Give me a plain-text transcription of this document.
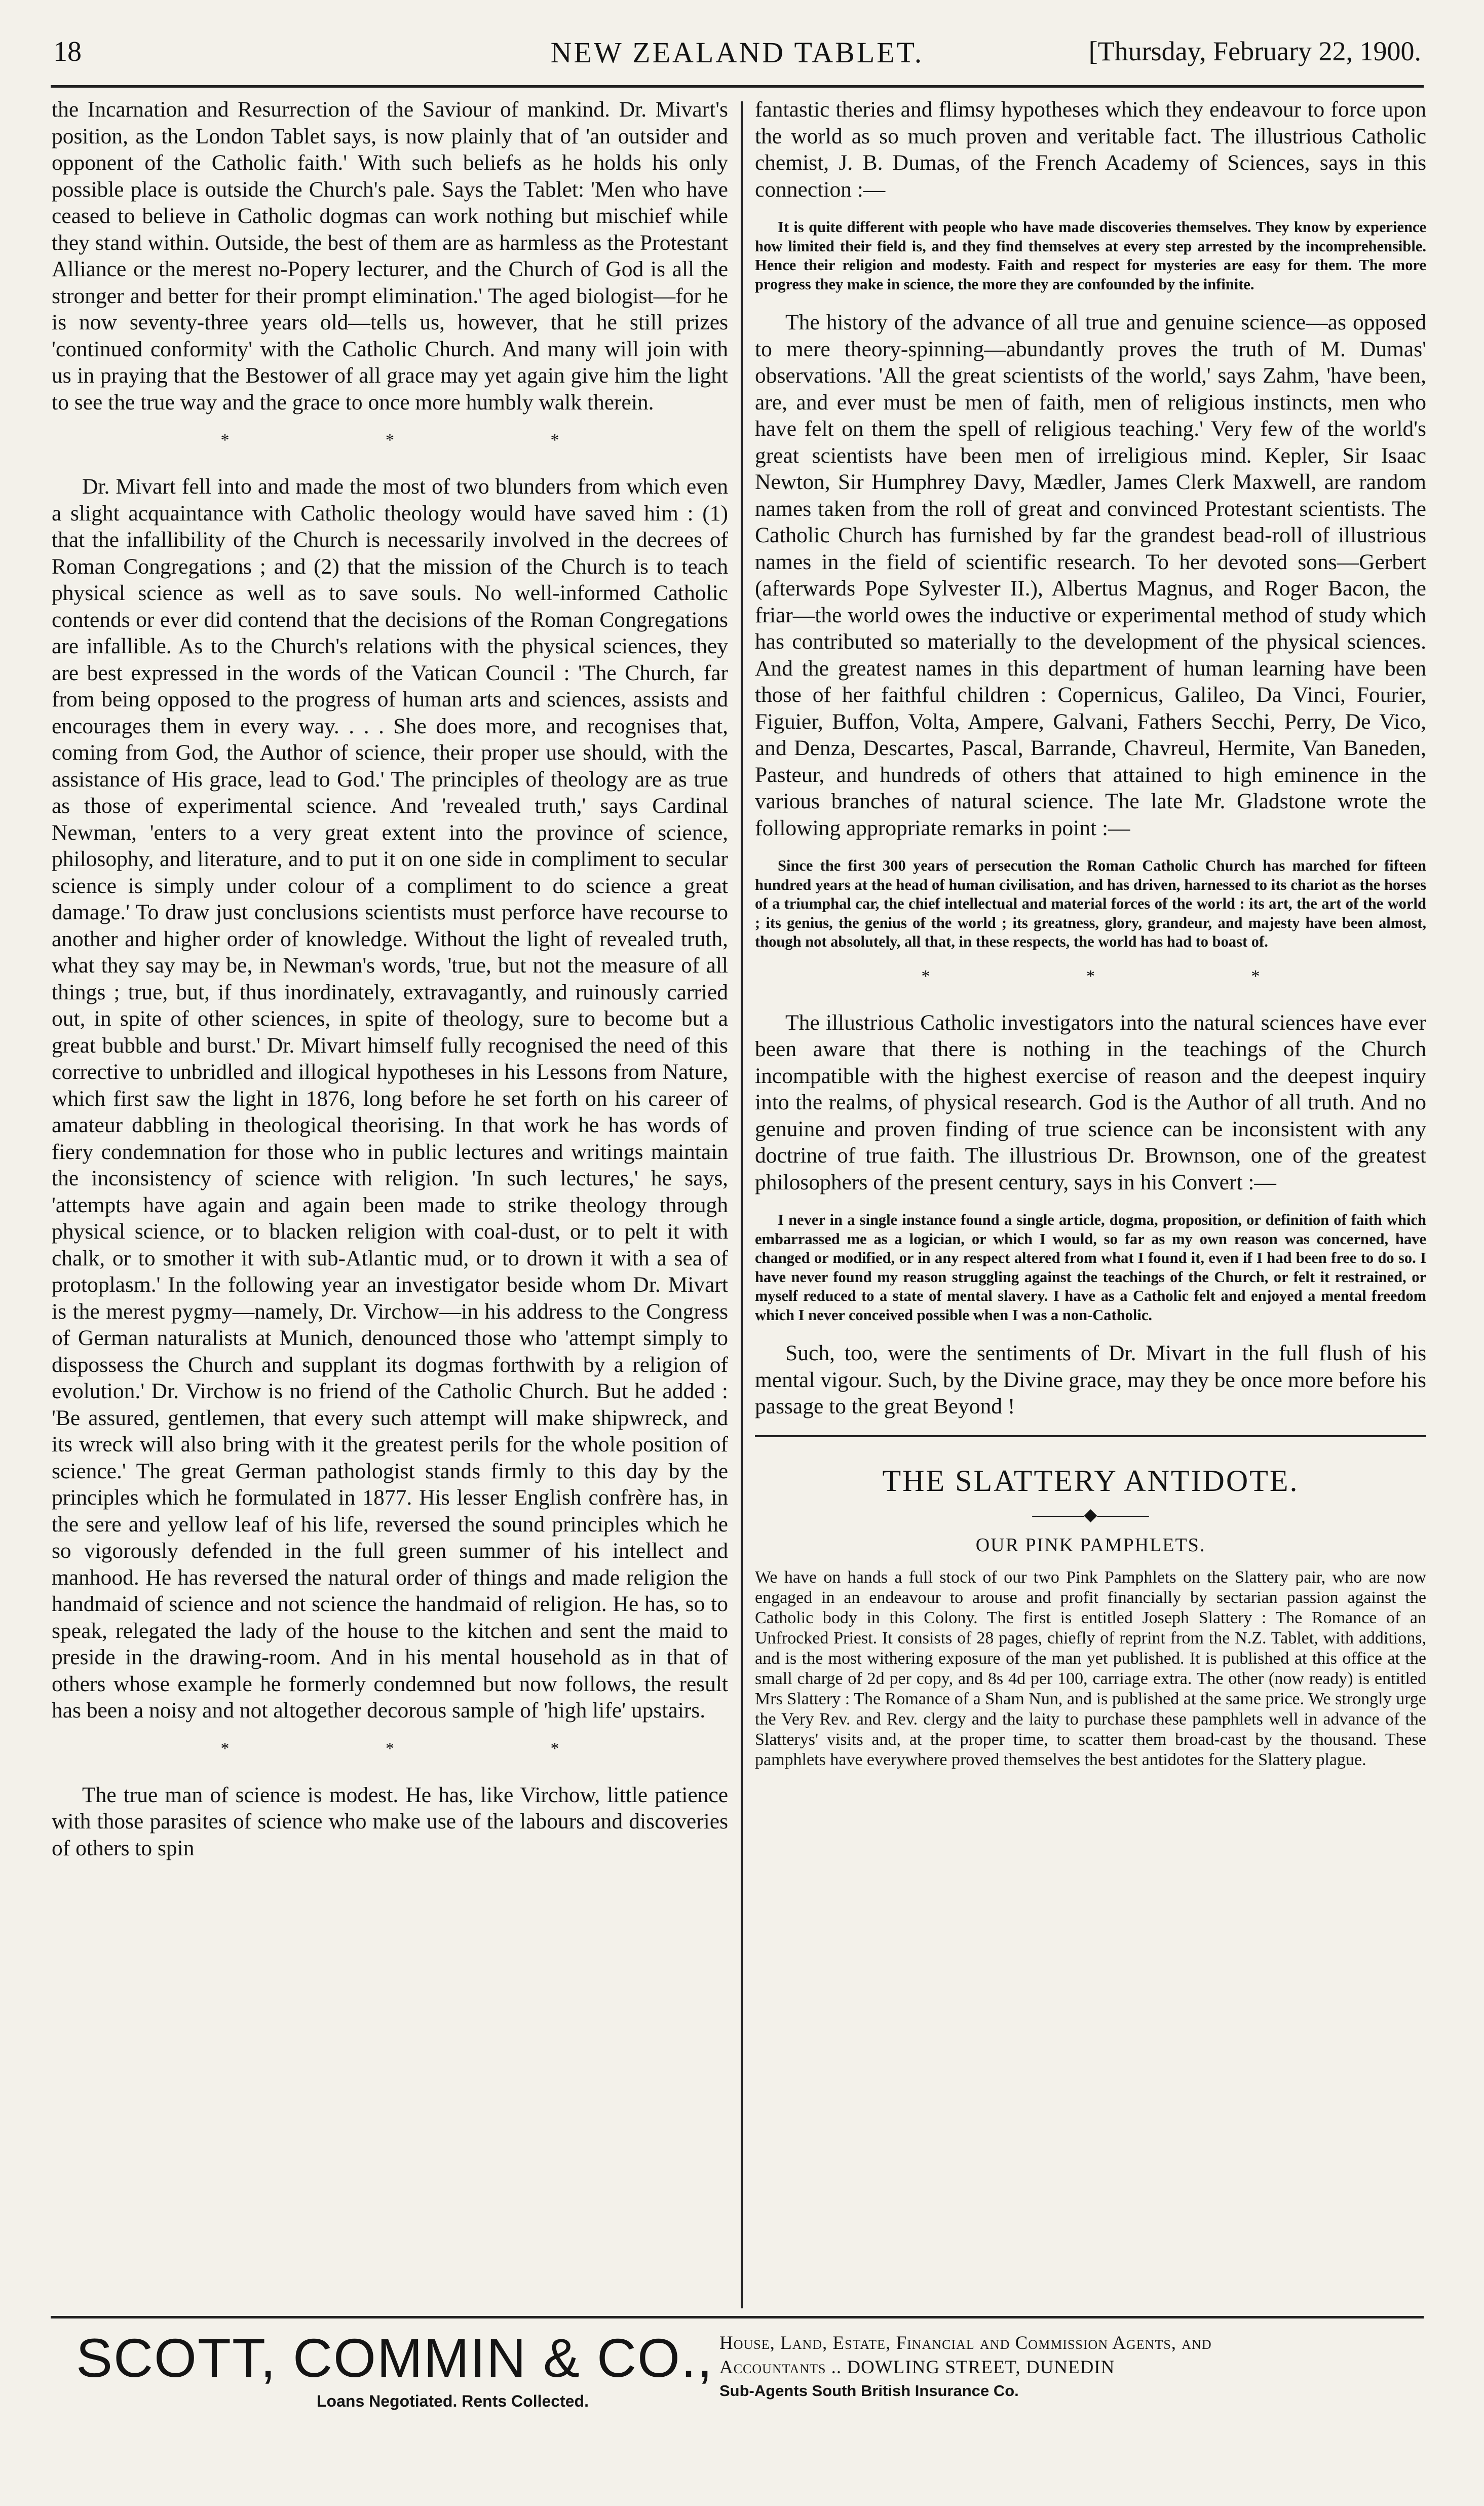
18	NEW ZEALAND TABLET.	[Thursday, February 22, 1900.

the Incarnation and Resurrection of the Saviour of mankind. Dr. Mivart's position, as the London Tablet says, is now plainly that of 'an outsider and opponent of the Catholic faith.' With such beliefs as he holds his only possible place is outside the Church's pale. Says the Tablet: 'Men who have ceased to believe in Catholic dogmas can work nothing but mischief while they stand within. Outside, the best of them are as harmless as the Protestant Alliance or the merest no-Popery lecturer, and the Church of God is all the stronger and better for their prompt elimination.' The aged biologist—for he is now seventy-three years old—tells us, however, that he still prizes 'continued conformity' with the Catholic Church. And many will join with us in praying that the Bestower of all grace may yet again give him the light to see the true way and the grace to once more humbly walk therein.

* * *

Dr. Mivart fell into and made the most of two blunders from which even a slight acquaintance with Catholic theology would have saved him : (1) that the infallibility of the Church is necessarily involved in the decrees of Roman Congregations ; and (2) that the mission of the Church is to teach physical science as well as to save souls. No well-informed Catholic contends or ever did contend that the decisions of the Roman Congregations are infallible. As to the Church's relations with the physical sciences, they are best expressed in the words of the Vatican Council : 'The Church, far from being opposed to the progress of human arts and sciences, assists and encourages them in every way. . . . She does more, and recognises that, coming from God, the Author of science, their proper use should, with the assistance of His grace, lead to God.' The principles of theology are as true as those of experimental science. And 'revealed truth,' says Cardinal Newman, 'enters to a very great extent into the province of science, philosophy, and literature, and to put it on one side in compliment to secular science is simply under colour of a compliment to do science a great damage.' To draw just conclusions scientists must perforce have recourse to another and higher order of knowledge. Without the light of revealed truth, what they say may be, in Newman's words, 'true, but not the measure of all things ; true, but, if thus inordinately, extravagantly, and ruinously carried out, in spite of other sciences, in spite of theology, sure to become but a great bubble and burst.' Dr. Mivart himself fully recognised the need of this corrective to unbridled and illogical hypotheses in his Lessons from Nature, which first saw the light in 1876, long before he set forth on his career of amateur dabbling in theological theorising. In that work he has words of fiery condemnation for those who in public lectures and writings maintain the inconsistency of science with religion. 'In such lectures,' he says, 'attempts have again and again been made to strike theology through physical science, or to blacken religion with coal-dust, or to pelt it with chalk, or to smother it with sub-Atlantic mud, or to drown it with a sea of protoplasm.' In the following year an investigator beside whom Dr. Mivart is the merest pygmy—namely, Dr. Virchow—in his address to the Congress of German naturalists at Munich, denounced those who 'attempt simply to dispossess the Church and supplant its dogmas forthwith by a religion of evolution.' Dr. Virchow is no friend of the Catholic Church. But he added : 'Be assured, gentlemen, that every such attempt will make shipwreck, and its wreck will also bring with it the greatest perils for the whole position of science.' The great German pathologist stands firmly to this day by the principles which he formulated in 1877. His lesser English confrère has, in the sere and yellow leaf of his life, reversed the sound principles which he so vigorously defended in the full green summer of his intellect and manhood. He has reversed the natural order of things and made religion the handmaid of science and not science the handmaid of religion. He has, so to speak, relegated the lady of the house to the kitchen and sent the maid to preside in the drawing-room. And in his mental household as in that of others whose example he formerly condemned but now follows, the result has been a noisy and not altogether decorous sample of 'high life' upstairs.

* * *

The true man of science is modest. He has, like Virchow, little patience with those parasites of science who make use of the labours and discoveries of others to spin

fantastic theries and flimsy hypotheses which they endeavour to force upon the world as so much proven and veritable fact. The illustrious Catholic chemist, J. B. Dumas, of the French Academy of Sciences, says in this connection :—

It is quite different with people who have made discoveries themselves. They know by experience how limited their field is, and they find themselves at every step arrested by the incomprehensible. Hence their religion and modesty. Faith and respect for mysteries are easy for them. The more progress they make in science, the more they are confounded by the infinite.

The history of the advance of all true and genuine science—as opposed to mere theory-spinning—abundantly proves the truth of M. Dumas' observations. 'All the great scientists of the world,' says Zahm, 'have been, are, and ever must be men of faith, men of religious instincts, men who have felt on them the spell of religious teaching.' Very few of the world's great scientists have been men of irreligious mind. Kepler, Sir Isaac Newton, Sir Humphrey Davy, Mædler, James Clerk Maxwell, are random names taken from the roll of great and convinced Protestant scientists. The Catholic Church has furnished by far the grandest bead-roll of illustrious names in the field of scientific research. To her devoted sons—Gerbert (afterwards Pope Sylvester II.), Albertus Magnus, and Roger Bacon, the friar—the world owes the inductive or experimental method of study which has contributed so materially to the development of the physical sciences. And the greatest names in this department of human learning have been those of her faithful children : Copernicus, Galileo, Da Vinci, Fourier, Figuier, Buffon, Volta, Ampere, Galvani, Fathers Secchi, Perry, De Vico, and Denza, Descartes, Pascal, Barrande, Chavreul, Hermite, Van Baneden, Pasteur, and hundreds of others that attained to high eminence in the various branches of natural science. The late Mr. Gladstone wrote the following appropriate remarks in point :—

Since the first 300 years of persecution the Roman Catholic Church has marched for fifteen hundred years at the head of human civilisation, and has driven, harnessed to its chariot as the horses of a triumphal car, the chief intellectual and material forces of the world : its art, the art of the world ; its genius, the genius of the world ; its greatness, glory, grandeur, and majesty have been almost, though not absolutely, all that, in these respects, the world has had to boast of.

* * *

The illustrious Catholic investigators into the natural sciences have ever been aware that there is nothing in the teachings of the Church incompatible with the highest exercise of reason and the deepest inquiry into the realms, of physical research. God is the Author of all truth. And no genuine and proven finding of true science can be inconsistent with any doctrine of true faith. The illustrious Dr. Brownson, one of the greatest philosophers of the present century, says in his Convert :—

I never in a single instance found a single article, dogma, proposition, or definition of faith which embarrassed me as a logician, or which I would, so far as my own reason was concerned, have changed or modified, or in any respect altered from what I found it, even if I had been free to do so. I have never found my reason struggling against the teachings of the Church, or felt it restrained, or myself reduced to a state of mental slavery. I have as a Catholic felt and enjoyed a mental freedom which I never conceived possible when I was a non-Catholic.

Such, too, were the sentiments of Dr. Mivart in the full flush of his mental vigour. Such, by the Divine grace, may they be once more before his passage to the great Beyond !

THE SLATTERY ANTIDOTE.
———◆———
OUR PINK PAMPHLETS.

We have on hands a full stock of our two Pink Pamphlets on the Slattery pair, who are now engaged in an endeavour to arouse and profit financially by sectarian passion against the Catholic body in this Colony. The first is entitled Joseph Slattery : The Romance of an Unfrocked Priest. It consists of 28 pages, chiefly of reprint from the N.Z. Tablet, with additions, and is the most withering exposure of the man yet published. It is published at this office at the small charge of 2d per copy, and 8s 4d per 100, carriage extra. The other (now ready) is entitled Mrs Slattery : The Romance of a Sham Nun, and is published at the same price. We strongly urge the Very Rev. and Rev. clergy and the laity to purchase these pamphlets well in advance of the Slatterys' visits and, at the proper time, to scatter them broad-cast by the thousand. These pamphlets have everywhere proved themselves the best antidotes for the Slattery plague.

SCOTT, COMMIN & CO.,
Loans Negotiated. Rents Collected.
House, Land, Estate, Financial and Commission Agents, and
Accountants .. DOWLING STREET, DUNEDIN
Sub-Agents South British Insurance Co.
